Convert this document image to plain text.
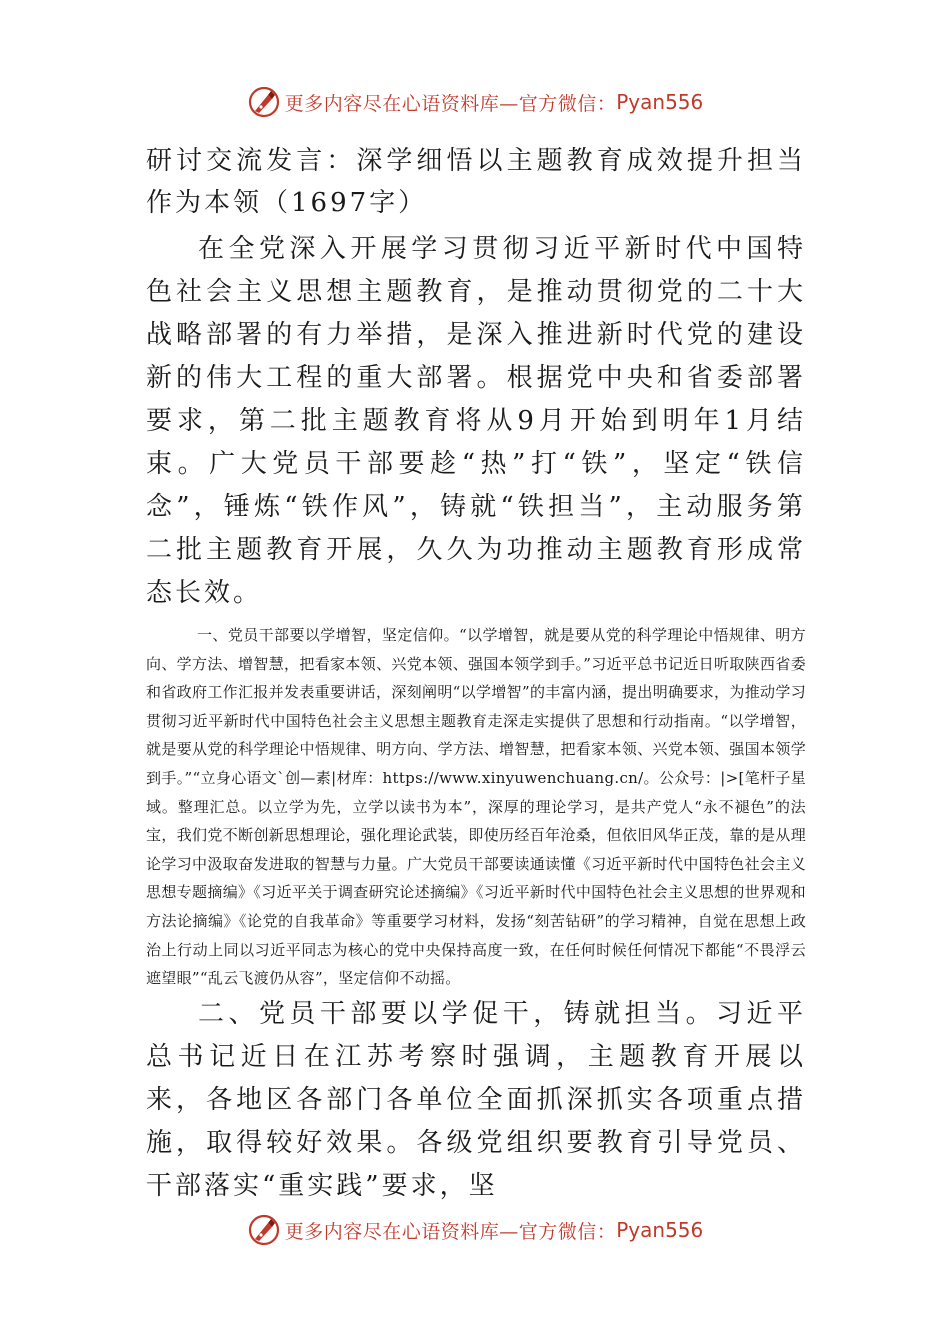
更多内容尽在心语资料库—官方微信： Pyan556

研讨交流发言：深学细悟以主题教育成效提升担当作为本领（1697字）

在全党深入开展学习贯彻习近平新时代中国特色社会主义思想主题教育，是推动贯彻党的二十大战略部署的有力举措，是深入推进新时代党的建设新的伟大工程的重大部署。根据党中央和省委部署要求，第二批主题教育将从9月开始到明年1月结束。广大党员干部要趁“热”打“铁”，坚定“铁信念”，锤炼“铁作风”，铸就“铁担当”，主动服务第二批主题教育开展，久久为功推动主题教育形成常态长效。

一、党员干部要以学增智，坚定信仰。“以学增智，就是要从党的科学理论中悟规律、明方向、学方法、增智慧，把看家本领、兴党本领、强国本领学到手。”习近平总书记近日听取陕西省委和省政府工作汇报并发表重要讲话，深刻阐明“以学增智”的丰富内涵，提出明确要求，为推动学习贯彻习近平新时代中国特色社会主义思想主题教育走深走实提供了思想和行动指南。“以学增智，就是要从党的科学理论中悟规律、明方向、学方法、增智慧，把看家本领、兴党本领、强国本领学到手。”“立身心语文`创—素|材库：https://www.xinyuwenchuang.cn/。公众号：|>[笔杆子星域。整理汇总。以立学为先，立学以读书为本”，深厚的理论学习，是共产党人“永不褪色”的法宝，我们党不断创新思想理论，强化理论武装，即使历经百年沧桑，但依旧风华正茂，靠的是从理论学习中汲取奋发进取的智慧与力量。广大党员干部要读通读懂《习近平新时代中国特色社会主义思想专题摘编》《习近平关于调查研究论述摘编》《习近平新时代中国特色社会主义思想的世界观和方法论摘编》《论党的自我革命》等重要学习材料，发扬“刻苦钻研”的学习精神，自觉在思想上政治上行动上同以习近平同志为核心的党中央保持高度一致，在任何时候任何情况下都能“不畏浮云遮望眼”“乱云飞渡仍从容”，坚定信仰不动摇。

二、党员干部要以学促干，铸就担当。习近平总书记近日在江苏考察时强调，主题教育开展以来，各地区各部门各单位全面抓深抓实各项重点措施，取得较好效果。各级党组织要教育引导党员、干部落实“重实践”要求，坚

更多内容尽在心语资料库—官方微信： Pyan556
